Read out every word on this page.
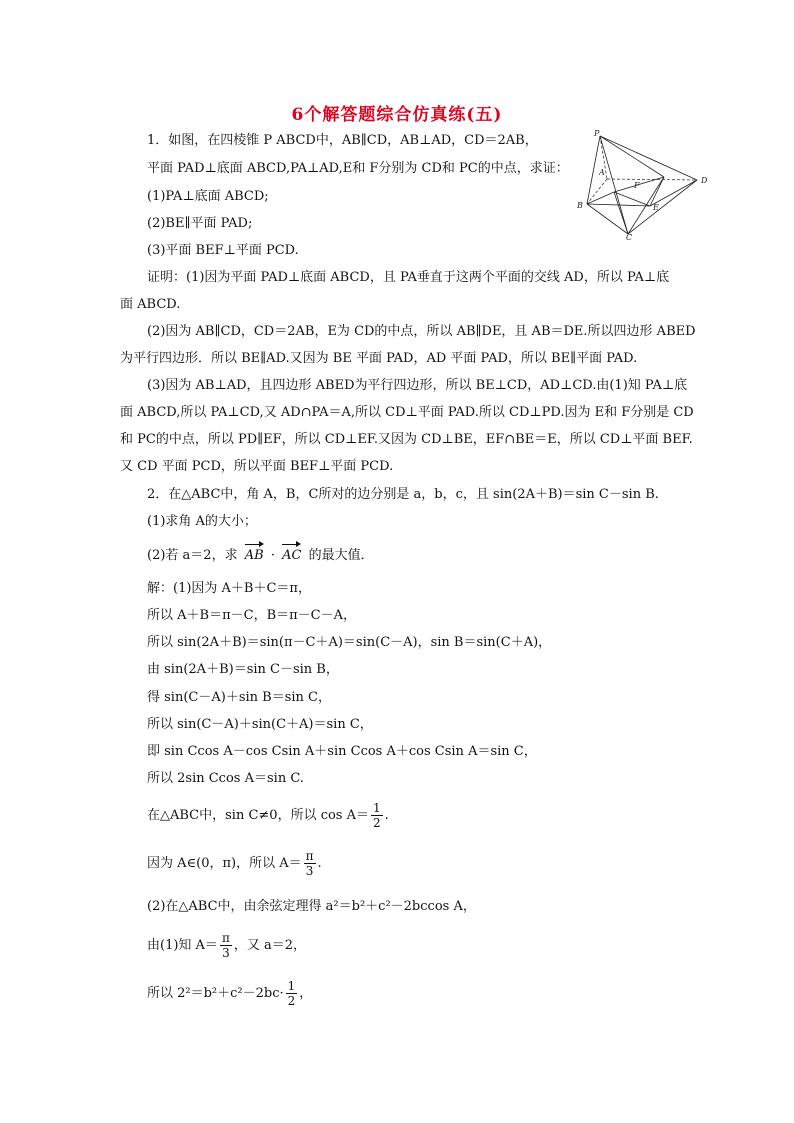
6个解答题综合仿真练(五)
1．如图，在四棱锥 P ABCD中，AB∥CD，AB⊥AD，CD＝2AB，
平面 PAD⊥底面 ABCD,PA⊥AD,E和 F分别为 CD和 PC的中点，求证：
(1)PA⊥底面 ABCD;
(2)BE∥平面 PAD;
(3)平面 BEF⊥平面 PCD.
P
A
D
F
B	E
C
证明：(1)因为平面 PAD⊥底面 ABCD，且 PA垂直于这两个平面的交线 AD，所以 PA⊥底
面 ABCD.
(2)因为 AB∥CD，CD＝2AB，E为 CD的中点，所以 AB∥DE，且 AB＝DE.所以四边形 ABED
为平行四边形．所以 BE∥AD.又因为 BE 平面 PAD，AD 平面 PAD，所以 BE∥平面 PAD.
(3)因为 AB⊥AD，且四边形 ABED为平行四边形，所以 BE⊥CD，AD⊥CD.由(1)知 PA⊥底
面 ABCD,所以 PA⊥CD,又 AD∩PA＝A,所以 CD⊥平面 PAD.所以 CD⊥PD.因为 E和 F分别是 CD
和 PC的中点，所以 PD∥EF，所以 CD⊥EF.又因为 CD⊥BE，EF∩BE＝E，所以 CD⊥平面 BEF.
又 CD 平面 PCD，所以平面 BEF⊥平面 PCD.
2．在△ABC中，角 A，B，C所对的边分别是 a，b，c，且 sin(2A＋B)＝sin C－sin B.
(1)求角 A的大小；
(2)若 a＝2，求 AB · AC 的最大值．
解：(1)因为 A＋B＋C＝π，
所以 A＋B＝π－C，B＝π－C－A，
所以 sin(2A＋B)＝sin(π－C＋A)＝sin(C－A)，sin B＝sin(C＋A)，
由 sin(2A＋B)＝sin C－sin B，
得 sin(C－A)＋sin B＝sin C，
所以 sin(C－A)＋sin(C＋A)＝sin C，
即 sin Ccos A－cos Csin A＋sin Ccos A＋cos Csin A＝sin C，
所以 2sin Ccos A＝sin C.
在△ABC中，sin C≠0，所以 $\cos A= \frac{1}{2}$ .
因为 A∈(0，π)，所以 $A= \frac{\pi}{3}$ .
(2)在△ABC中，由余弦定理得 a²＝b²＋c²－2bccos A，
由(1)知 $A= \frac{\pi}{3}$ ，又 a＝2，
所以 $2^2=b^2+c^2-2bc\cdot \frac{1}{2}$ ，
